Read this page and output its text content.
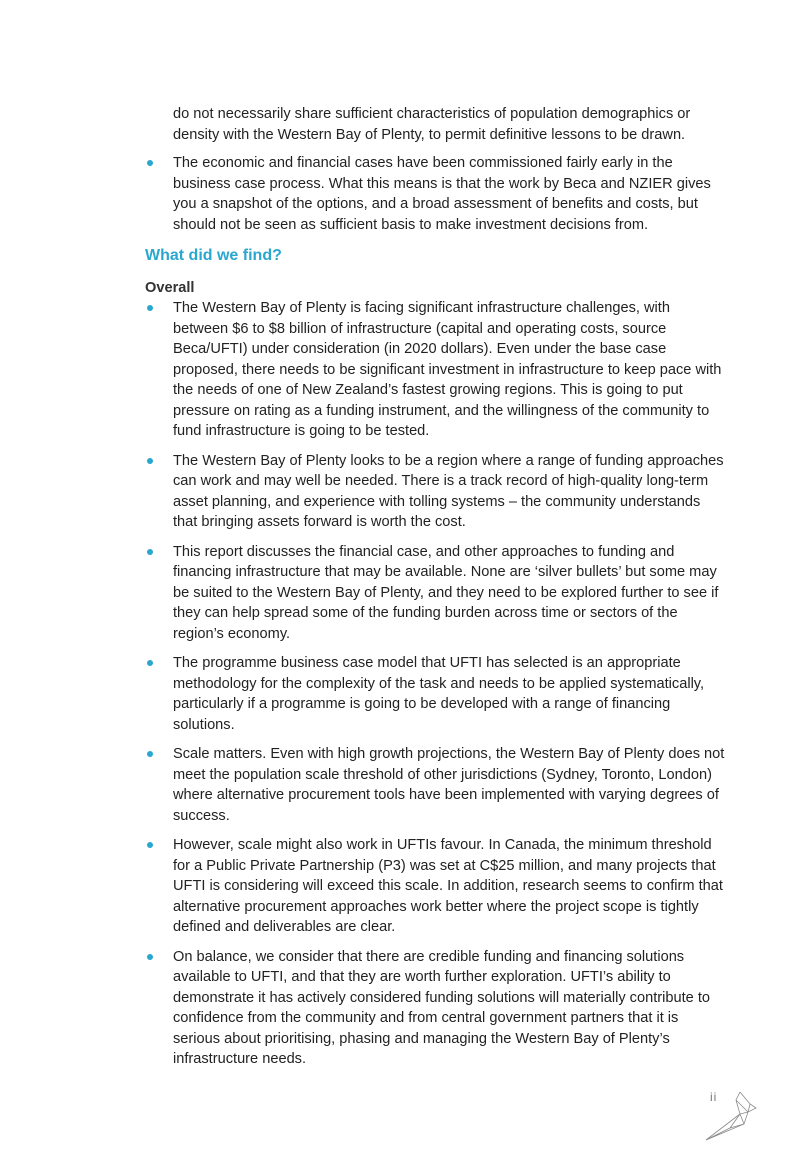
do not necessarily share sufficient characteristics of population demographics or density with the Western Bay of Plenty, to permit definitive lessons to be drawn.

The economic and financial cases have been commissioned fairly early in the business case process. What this means is that the work by Beca and NZIER gives you a snapshot of the options, and a broad assessment of benefits and costs, but should not be seen as sufficient basis to make investment decisions from.

What did we find?
Overall

The Western Bay of Plenty is facing significant infrastructure challenges, with between $6 to $8 billion of infrastructure (capital and operating costs, source Beca/UFTI) under consideration (in 2020 dollars). Even under the base case proposed, there needs to be significant investment in infrastructure to keep pace with the needs of one of New Zealand’s fastest growing regions. This is going to put pressure on rating as a funding instrument, and the willingness of the community to fund infrastructure is going to be tested.

The Western Bay of Plenty looks to be a region where a range of funding approaches can work and may well be needed. There is a track record of high-quality long-term asset planning, and experience with tolling systems – the community understands that bringing assets forward is worth the cost.

This report discusses the financial case, and other approaches to funding and financing infrastructure that may be available. None are ‘silver bullets’ but some may be suited to the Western Bay of Plenty, and they need to be explored further to see if they can help spread some of the funding burden across time or sectors of the region’s economy.

The programme business case model that UFTI has selected is an appropriate methodology for the complexity of the task and needs to be applied systematically, particularly if a programme is going to be developed with a range of financing solutions.

Scale matters. Even with high growth projections, the Western Bay of Plenty does not meet the population scale threshold of other jurisdictions (Sydney, Toronto, London) where alternative procurement tools have been implemented with varying degrees of success.

However, scale might also work in UFTIs favour. In Canada, the minimum threshold for a Public Private Partnership (P3) was set at C$25 million, and many projects that UFTI is considering will exceed this scale. In addition, research seems to confirm that alternative procurement approaches work better where the project scope is tightly defined and deliverables are clear.

On balance, we consider that there are credible funding and financing solutions available to UFTI, and that they are worth further exploration. UFTI’s ability to demonstrate it has actively considered funding solutions will materially contribute to confidence from the community and from central government partners that it is serious about prioritising, phasing and managing the Western Bay of Plenty’s infrastructure needs.

ii
